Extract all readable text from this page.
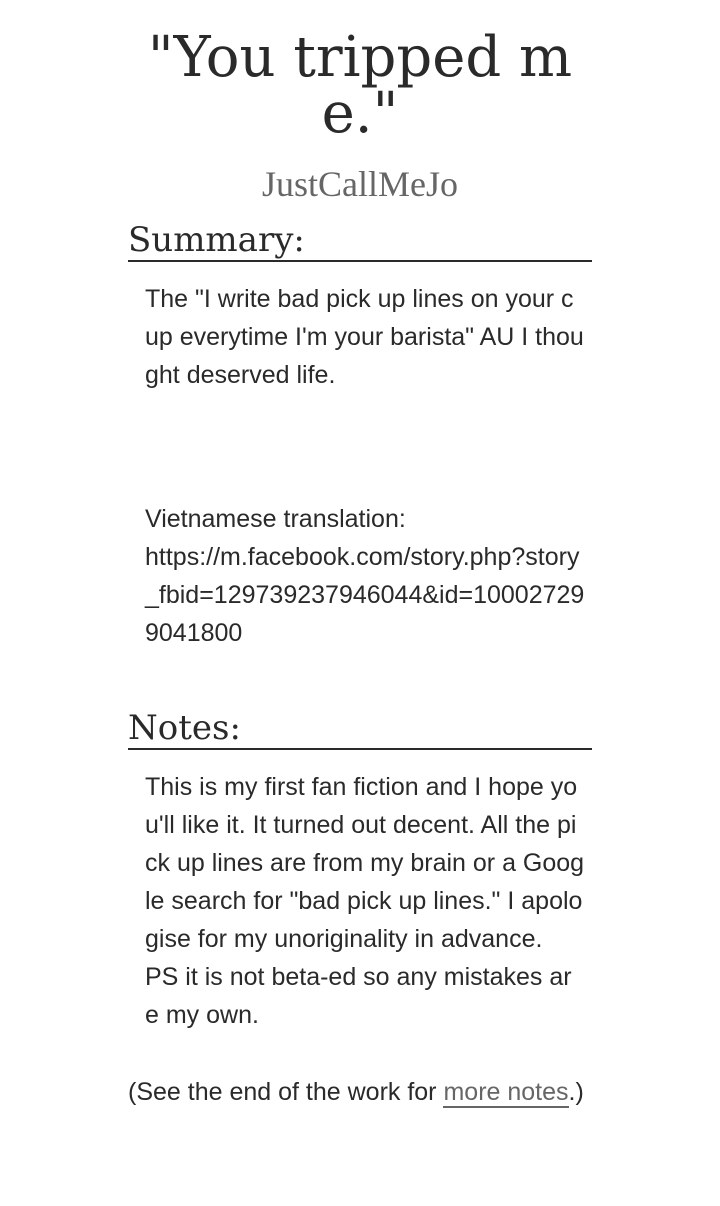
"You tripped me."
JustCallMeJo
Summary:

The "I write bad pick up lines on your cup everytime I'm your barista" AU I thought deserved life.

Vietnamese translation:

https://m.facebook.com/story.php?story_fbid=129739237946044&id=100027299041800

Notes:

This is my first fan fiction and I hope you'll like it. It turned out decent. All the pick up lines are from my brain or a Google search for "bad pick up lines." I apologise for my unoriginality in advance.

PS it is not beta-ed so any mistakes are my own.

(See the end of the work for more notes.)
